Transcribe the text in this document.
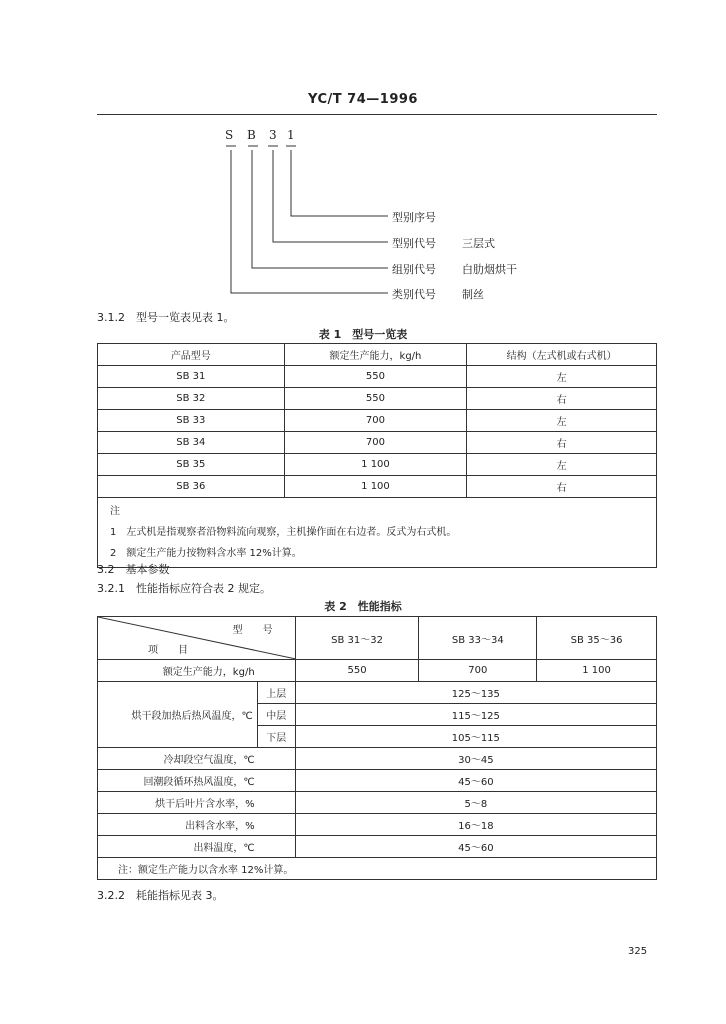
YC/T 74—1996
S B 3 1
型别序号
型别代号 三层式
组别代号 白肋烟烘干
类别代号 制丝
3.1.2　型号一览表见表 1。
表 1　型号一览表
产品型号	额定生产能力，kg/h	结构（左式机或右式机）
SB 31	550	左
SB 32	550	右
SB 33	700	左
SB 34	700	右
SB 35	1 100	左
SB 36	1 100	右

注
1　左式机是指观察者沿物料流向观察，主机操作面在右边者。反式为右式机。
2　额定生产能力按物料含水率 12%计算。		
3.2　基本参数
3.2.1　性能指标应符合表 2 规定。
表 2　性能指标
型　　号
项　　目		SB 31～32	SB 33～34	SB 35～36
额定生产能力，kg/h		550	700	1 100
烘干段加热后热风温度，℃	上层	125～135		
	中层	115～125		
	下层	105～115		
冷却段空气温度，℃		30～45		
回潮段循环热风温度，℃		45～60		
烘干后叶片含水率，%		5～8		
出料含水率，%		16～18		
出料温度，℃		45～60		
注：额定生产能力以含水率 12%计算。				
3.2.2　耗能指标见表 3。
325
